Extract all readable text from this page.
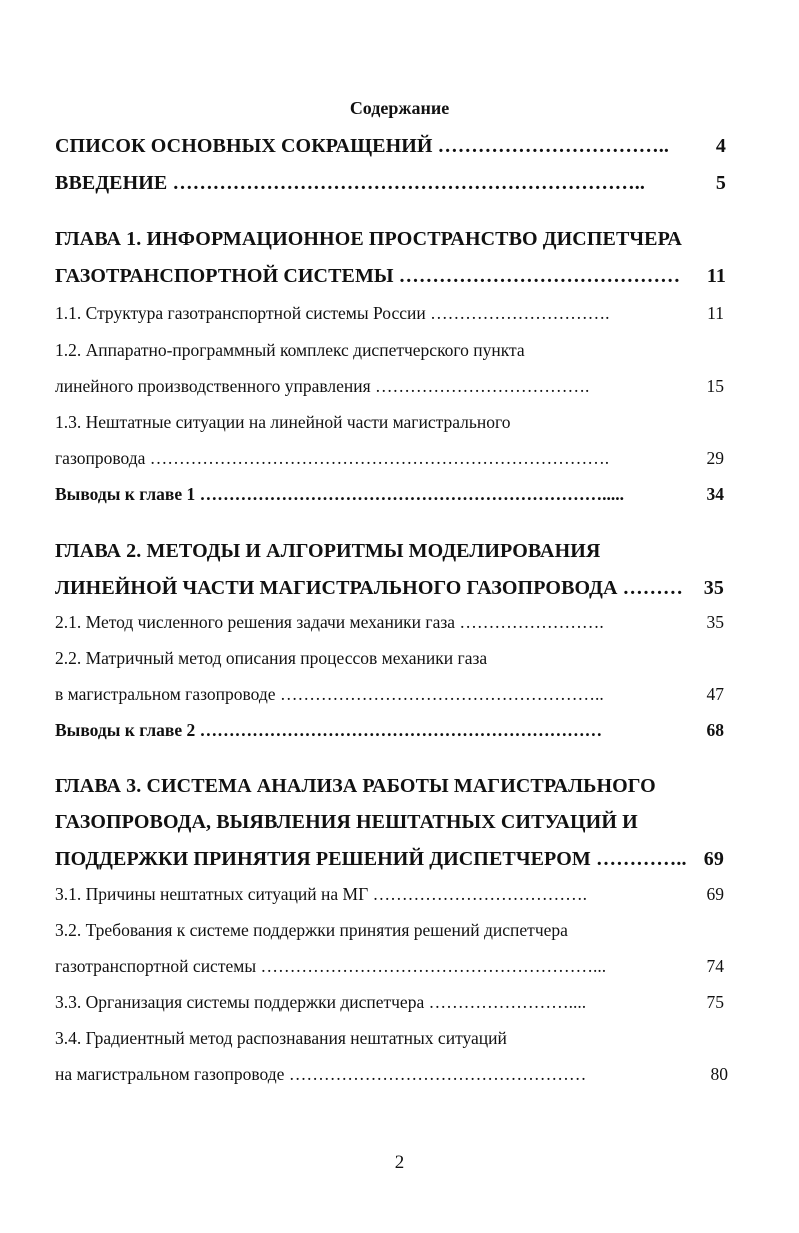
Содержание
СПИСОК ОСНОВНЫХ СОКРАЩЕНИЙ ……………………………..	4
ВВЕДЕНИЕ ……………………………………………………………..	5
ГЛАВА 1. ИНФОРМАЦИОННОЕ ПРОСТРАНСТВО ДИСПЕТЧЕРА
ГАЗОТРАНСПОРТНОЙ СИСТЕМЫ ……………………………………	11
1.1. Структура газотранспортной системы России ………………………….	11
1.2. Аппаратно-программный комплекс диспетчерского пункта
линейного производственного управления ……………………………….	15
1.3. Нештатные ситуации на линейной части магистрального
газопровода …………………………………………………………………….	29
Выводы к главе 1 …………………………………………………………….....	34
ГЛАВА 2. МЕТОДЫ И АЛГОРИТМЫ МОДЕЛИРОВАНИЯ
ЛИНЕЙНОЙ ЧАСТИ МАГИСТРАЛЬНОГО ГАЗОПРОВОДА ………	35
2.1. Метод численного решения задачи механики газа …………………….	35
2.2. Матричный метод описания процессов механики газа
в магистральном газопроводе ………………………………………………..	47
Выводы к главе 2 ……………………………………………………………	68
ГЛАВА 3. СИСТЕМА АНАЛИЗА РАБОТЫ МАГИСТРАЛЬНОГО
ГАЗОПРОВОДА, ВЫЯВЛЕНИЯ НЕШТАТНЫХ СИТУАЦИЙ И
ПОДДЕРЖКИ ПРИНЯТИЯ РЕШЕНИЙ ДИСПЕТЧЕРОМ ………….. 69
3.1. Причины нештатных ситуаций на МГ ……………………………….	69
3.2. Требования к системе поддержки принятия решений диспетчера
газотранспортной системы …………………………………………………...	74
3.3. Организация системы поддержки диспетчера ……………………....	75
3.4. Градиентный метод распознавания нештатных ситуаций
на магистральном газопроводе ……………………………………………	80
2
